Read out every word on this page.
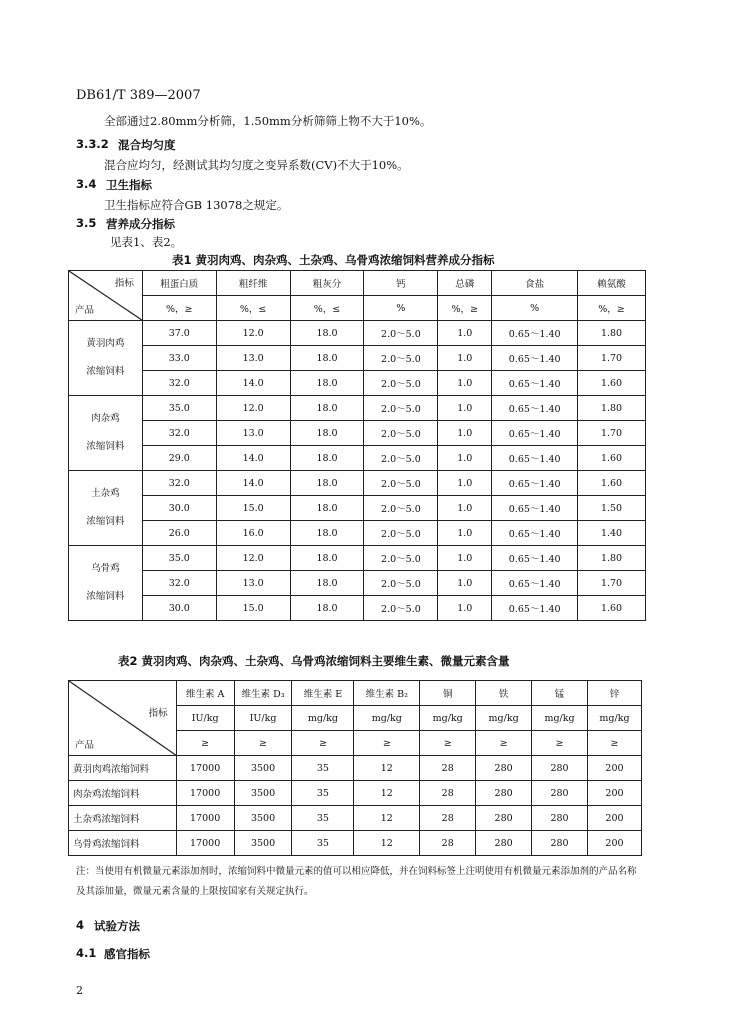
DB61/T 389—2007
全部通过2.80mm分析筛，1.50mm分析筛筛上物不大于10%。
3.3.2 混合均匀度
混合应均匀，经测试其均匀度之变异系数(CV)不大于10%。
3.4 卫生指标
卫生指标应符合GB 13078之规定。
3.5 营养成分指标
见表1、表2。
表1 黄羽肉鸡、肉杂鸡、土杂鸡、乌骨鸡浓缩饲料营养成分指标
指标
产品	粗蛋白质	粗纤维	粗灰分	钙	总磷	食盐	赖氨酸
	%，≥	%，≤	%，≤	%	%，≥	%	%，≥

黄羽肉鸡
浓缩饲料	37.0	12.0	18.0	2.0～5.0	1.0	0.65～1.40	1.80
	33.0	13.0	18.0	2.0～5.0	1.0	0.65～1.40	1.70
	32.0	14.0	18.0	2.0～5.0	1.0	0.65～1.40	1.60

肉杂鸡
浓缩饲料	35.0	12.0	18.0	2.0～5.0	1.0	0.65～1.40	1.80
	32.0	13.0	18.0	2.0～5.0	1.0	0.65～1.40	1.70
	29.0	14.0	18.0	2.0～5.0	1.0	0.65～1.40	1.60

土杂鸡
浓缩饲料	32.0	14.0	18.0	2.0～5.0	1.0	0.65～1.40	1.60
	30.0	15.0	18.0	2.0～5.0	1.0	0.65～1.40	1.50
	26.0	16.0	18.0	2.0～5.0	1.0	0.65～1.40	1.40

乌骨鸡
浓缩饲料	35.0	12.0	18.0	2.0～5.0	1.0	0.65～1.40	1.80
	32.0	13.0	18.0	2.0～5.0	1.0	0.65～1.40	1.70
	30.0	15.0	18.0	2.0～5.0	1.0	0.65～1.40	1.60
表2 黄羽肉鸡、肉杂鸡、土杂鸡、乌骨鸡浓缩饲料主要维生素、微量元素含量
指标
产品	维生素 A	维生素 D₃	维生素 E	维生素 B₂	铜	铁	锰	锌
	IU/kg	IU/kg	mg/kg	mg/kg	mg/kg	mg/kg	mg/kg	mg/kg
	≥	≥	≥	≥	≥	≥	≥	≥
黄羽肉鸡浓缩饲料	17000	3500	35	12	28	280	280	200
肉杂鸡浓缩饲料	17000	3500	35	12	28	280	280	200
土杂鸡浓缩饲料	17000	3500	35	12	28	280	280	200
乌骨鸡浓缩饲料	17000	3500	35	12	28	280	280	200
注：当使用有机微量元素添加剂时，浓缩饲料中微量元素的值可以相应降低，并在饲料标签上注明使用有机微量元素添加剂的产品名称及其添加量，微量元素含量的上限按国家有关规定执行。
4 试验方法
4.1 感官指标
2
